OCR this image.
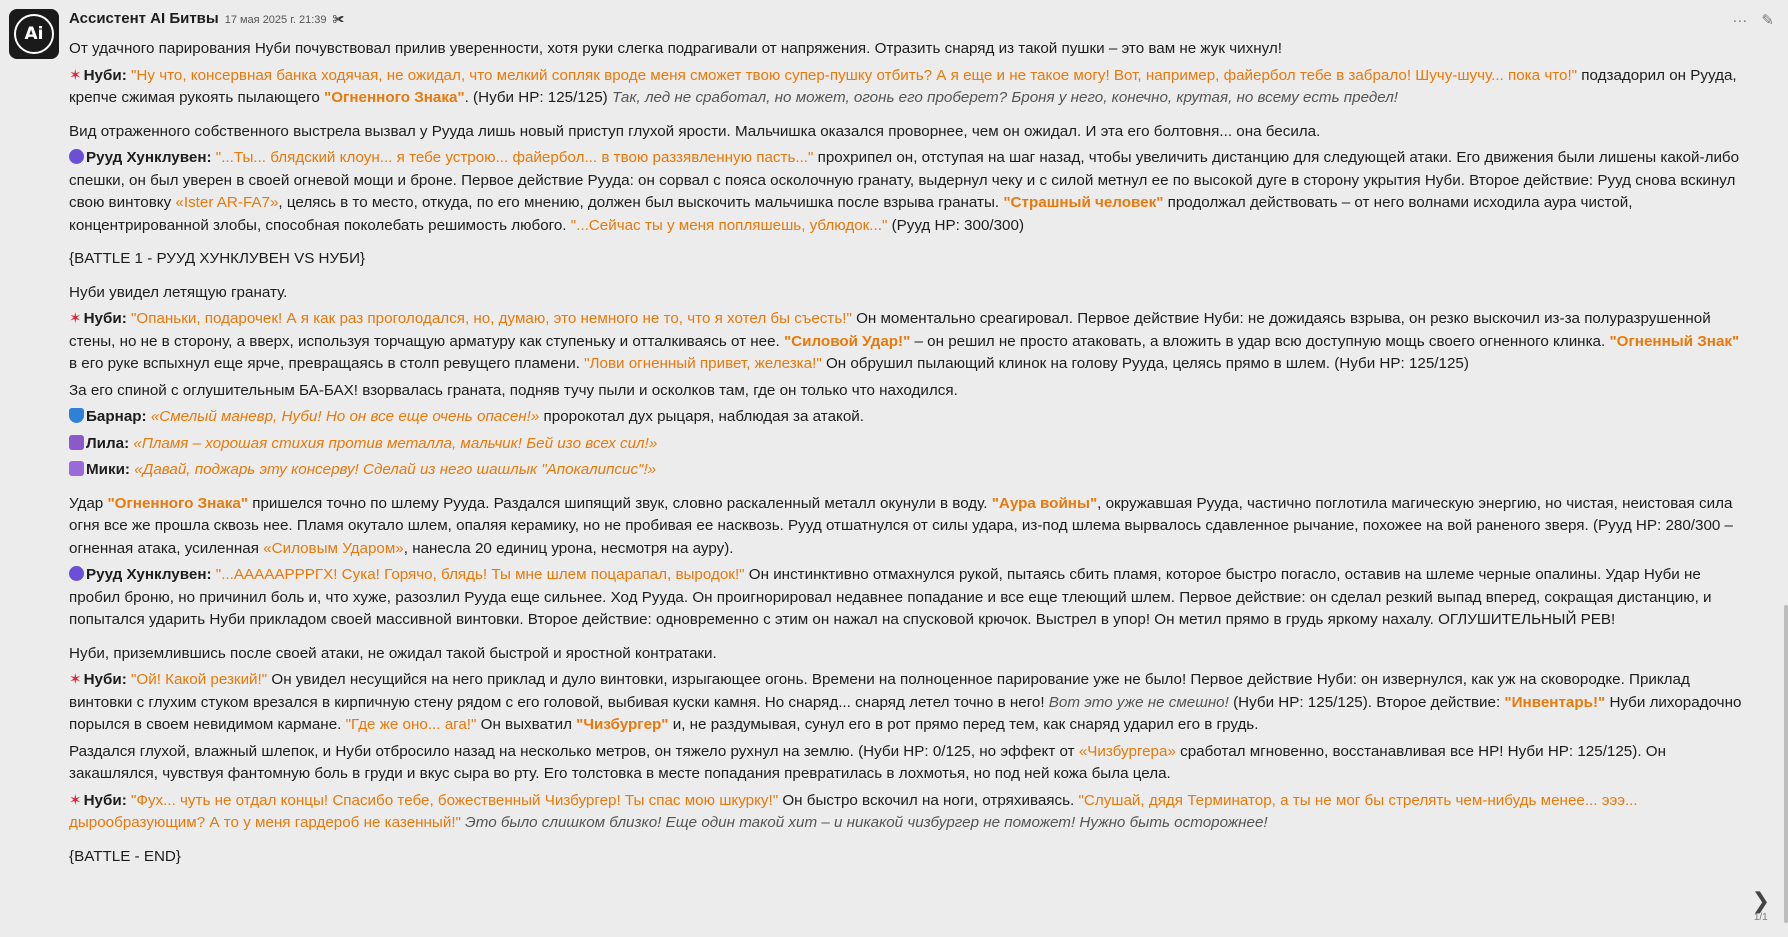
Ai
Ассистент AI Битвы 17 мая 2025 г. 21:39 ✀	··· ✎

От удачного парирования Нуби почувствовал прилив уверенности, хотя руки слегка подрагивали от напряжения. Отразить снаряд из такой пушки – это вам не жук чихнул!

✶ Нуби: "Ну что, консервная банка ходячая, не ожидал, что мелкий сопляк вроде меня сможет твою супер-пушку отбить? А я еще и не такое могу! Вот, например, файербол тебе в забрало! Шучу-шучу... пока что!" подзадорил он Рууда, крепче сжимая рукоять пылающего "Огненного Знака". (Нуби HP: 125/125) Так, лед не сработал, но может, огонь его проберет? Броня у него, конечно, крутая, но всему есть предел!

Вид отраженного собственного выстрела вызвал у Рууда лишь новый приступ глухой ярости. Мальчишка оказался проворнее, чем он ожидал. И эта его болтовня... она бесила.

Рууд Хунклувен: "...Ты... блядский клоун... я тебе устрою... файербол... в твою раззявленную пасть..." прохрипел он, отступая на шаг назад, чтобы увеличить дистанцию для следующей атаки. Его движения были лишены какой-либо спешки, он был уверен в своей огневой мощи и броне. Первое действие Рууда: он сорвал с пояса осколочную гранату, выдернул чеку и с силой метнул ее по высокой дуге в сторону укрытия Нуби. Второе действие: Рууд снова вскинул свою винтовку «Ister AR-FA7», целясь в то место, откуда, по его мнению, должен был выскочить мальчишка после взрыва гранаты. "Страшный человек" продолжал действовать – от него волнами исходила аура чистой, концентрированной злобы, способная поколебать решимость любого. "...Сейчас ты у меня попляшешь, ублюдок..." (Рууд HP: 300/300)

{BATTLE 1 - РУУД ХУНКЛУВЕН VS НУБИ}

Нуби увидел летящую гранату.

✶ Нуби: "Опаньки, подарочек! А я как раз проголодался, но, думаю, это немного не то, что я хотел бы съесть!" Он моментально среагировал. Первое действие Нуби: не дожидаясь взрыва, он резко выскочил из-за полуразрушенной стены, но не в сторону, а вверх, используя торчащую арматуру как ступеньку и отталкиваясь от нее. "Силовой Удар!" – он решил не просто атаковать, а вложить в удар всю доступную мощь своего огненного клинка. "Огненный Знак" в его руке вспыхнул еще ярче, превращаясь в столп ревущего пламени. "Лови огненный привет, железка!" Он обрушил пылающий клинок на голову Рууда, целясь прямо в шлем. (Нуби HP: 125/125)

За его спиной с оглушительным БА-БАХ! взорвалась граната, подняв тучу пыли и осколков там, где он только что находился.

Барнар: «Смелый маневр, Нуби! Но он все еще очень опасен!» пророкотал дух рыцаря, наблюдая за атакой.

Лила: «Пламя – хорошая стихия против металла, мальчик! Бей изо всех сил!»

Мики: «Давай, поджарь эту консерву! Сделай из него шашлык "Апокалипсис"!»

Удар "Огненного Знака" пришелся точно по шлему Рууда. Раздался шипящий звук, словно раскаленный металл окунули в воду. "Аура войны", окружавшая Рууда, частично поглотила магическую энергию, но чистая, неистовая сила огня все же прошла сквозь нее. Пламя окутало шлем, опаляя керамику, но не пробивая ее насквозь. Рууд отшатнулся от силы удара, из-под шлема вырвалось сдавленное рычание, похожее на вой раненого зверя. (Рууд HP: 280/300 – огненная атака, усиленная «Силовым Ударом», нанесла 20 единиц урона, несмотря на ауру).

Рууд Хунклувен: "...АААААРРРГХ! Сука! Горячо, блядь! Ты мне шлем поцарапал, выродок!" Он инстинктивно отмахнулся рукой, пытаясь сбить пламя, которое быстро погасло, оставив на шлеме черные опалины. Удар Нуби не пробил броню, но причинил боль и, что хуже, разозлил Рууда еще сильнее. Ход Рууда. Он проигнорировал недавнее попадание и все еще тлеющий шлем. Первое действие: он сделал резкий выпад вперед, сокращая дистанцию, и попытался ударить Нуби прикладом своей массивной винтовки. Второе действие: одновременно с этим он нажал на спусковой крючок. Выстрел в упор! Он метил прямо в грудь яркому нахалу. ОГЛУШИТЕЛЬНЫЙ РЕВ!

Нуби, приземлившись после своей атаки, не ожидал такой быстрой и яростной контратаки.

✶ Нуби: "Ой! Какой резкий!" Он увидел несущийся на него приклад и дуло винтовки, изрыгающее огонь. Времени на полноценное парирование уже не было! Первое действие Нуби: он извернулся, как уж на сковородке. Приклад винтовки с глухим стуком врезался в кирпичную стену рядом с его головой, выбивая куски камня. Но снаряд... снаряд летел точно в него! Вот это уже не смешно! (Нуби HP: 125/125). Второе действие: "Инвентарь!" Нуби лихорадочно порылся в своем невидимом кармане. "Где же оно... ага!" Он выхватил "Чизбургер" и, не раздумывая, сунул его в рот прямо перед тем, как снаряд ударил его в грудь.

Раздался глухой, влажный шлепок, и Нуби отбросило назад на несколько метров, он тяжело рухнул на землю. (Нуби HP: 0/125, но эффект от «Чизбургера» сработал мгновенно, восстанавливая все HP! Нуби HP: 125/125). Он закашлялся, чувствуя фантомную боль в груди и вкус сыра во рту. Его толстовка в месте попадания превратилась в лохмотья, но под ней кожа была цела.

✶ Нуби: "Фух... чуть не отдал концы! Спасибо тебе, божественный Чизбургер! Ты спас мою шкурку!" Он быстро вскочил на ноги, отряхиваясь. "Слушай, дядя Терминатор, а ты не мог бы стрелять чем-нибудь менее... эээ... дырообразующим? А то у меня гардероб не казенный!" Это было слишком близко! Еще один такой хит – и никакой чизбургер не поможет! Нужно быть осторожнее!

{BATTLE - END}

❯
1/1
